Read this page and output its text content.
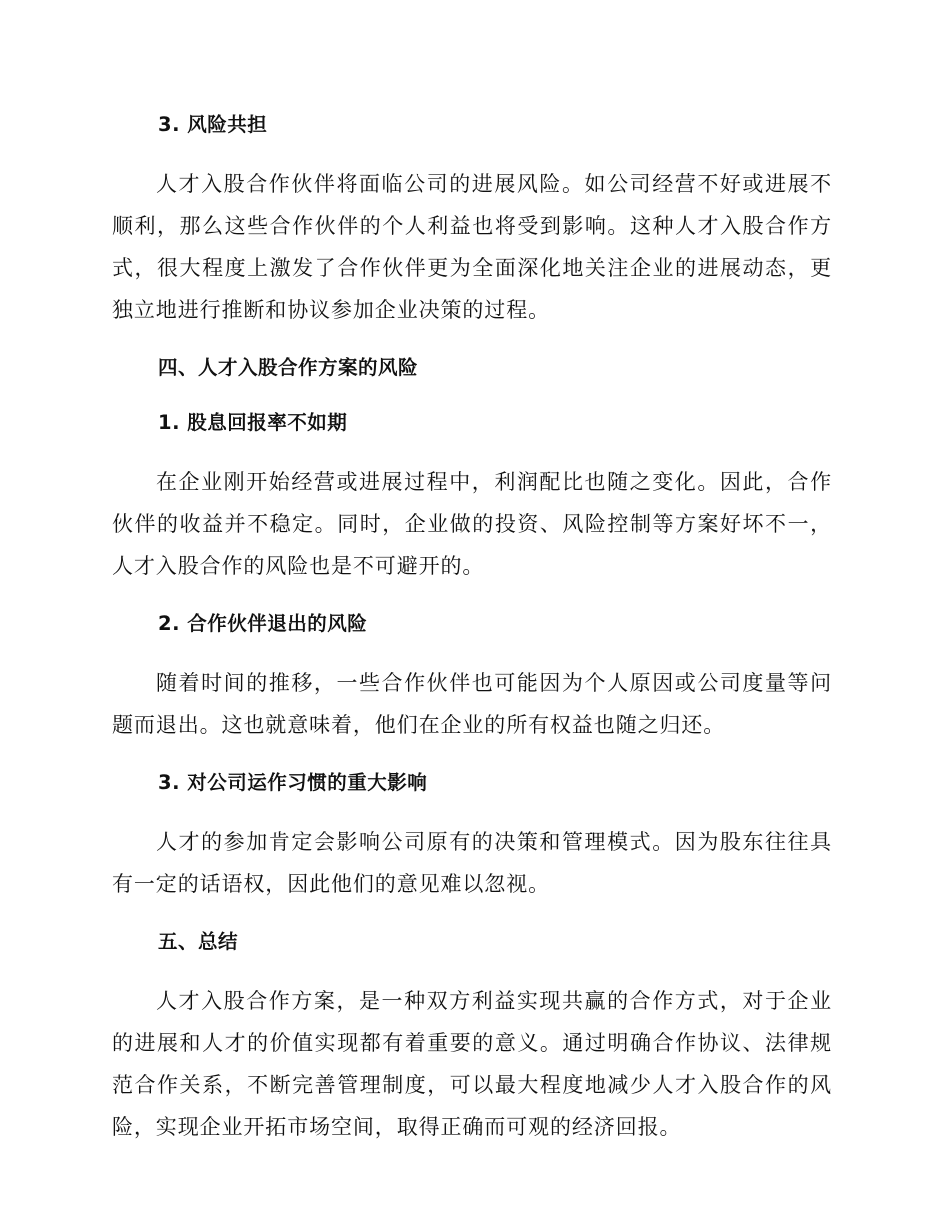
3. 风险共担

人才入股合作伙伴将面临公司的进展风险。如公司经营不好或进展不顺利，那么这些合作伙伴的个人利益也将受到影响。这种人才入股合作方式，很大程度上激发了合作伙伴更为全面深化地关注企业的进展动态，更独立地进行推断和协议参加企业决策的过程。

四、人才入股合作方案的风险
1. 股息回报率不如期

在企业刚开始经营或进展过程中，利润配比也随之变化。因此，合作伙伴的收益并不稳定。同时，企业做的投资、风险控制等方案好坏不一，人才入股合作的风险也是不可避开的。

2. 合作伙伴退出的风险

随着时间的推移，一些合作伙伴也可能因为个人原因或公司度量等问题而退出。这也就意味着，他们在企业的所有权益也随之归还。

3. 对公司运作习惯的重大影响

人才的参加肯定会影响公司原有的决策和管理模式。因为股东往往具有一定的话语权，因此他们的意见难以忽视。

五、总结

人才入股合作方案，是一种双方利益实现共赢的合作方式，对于企业的进展和人才的价值实现都有着重要的意义。通过明确合作协议、法律规范合作关系，不断完善管理制度，可以最大程度地减少人才入股合作的风险，实现企业开拓市场空间，取得正确而可观的经济回报。
